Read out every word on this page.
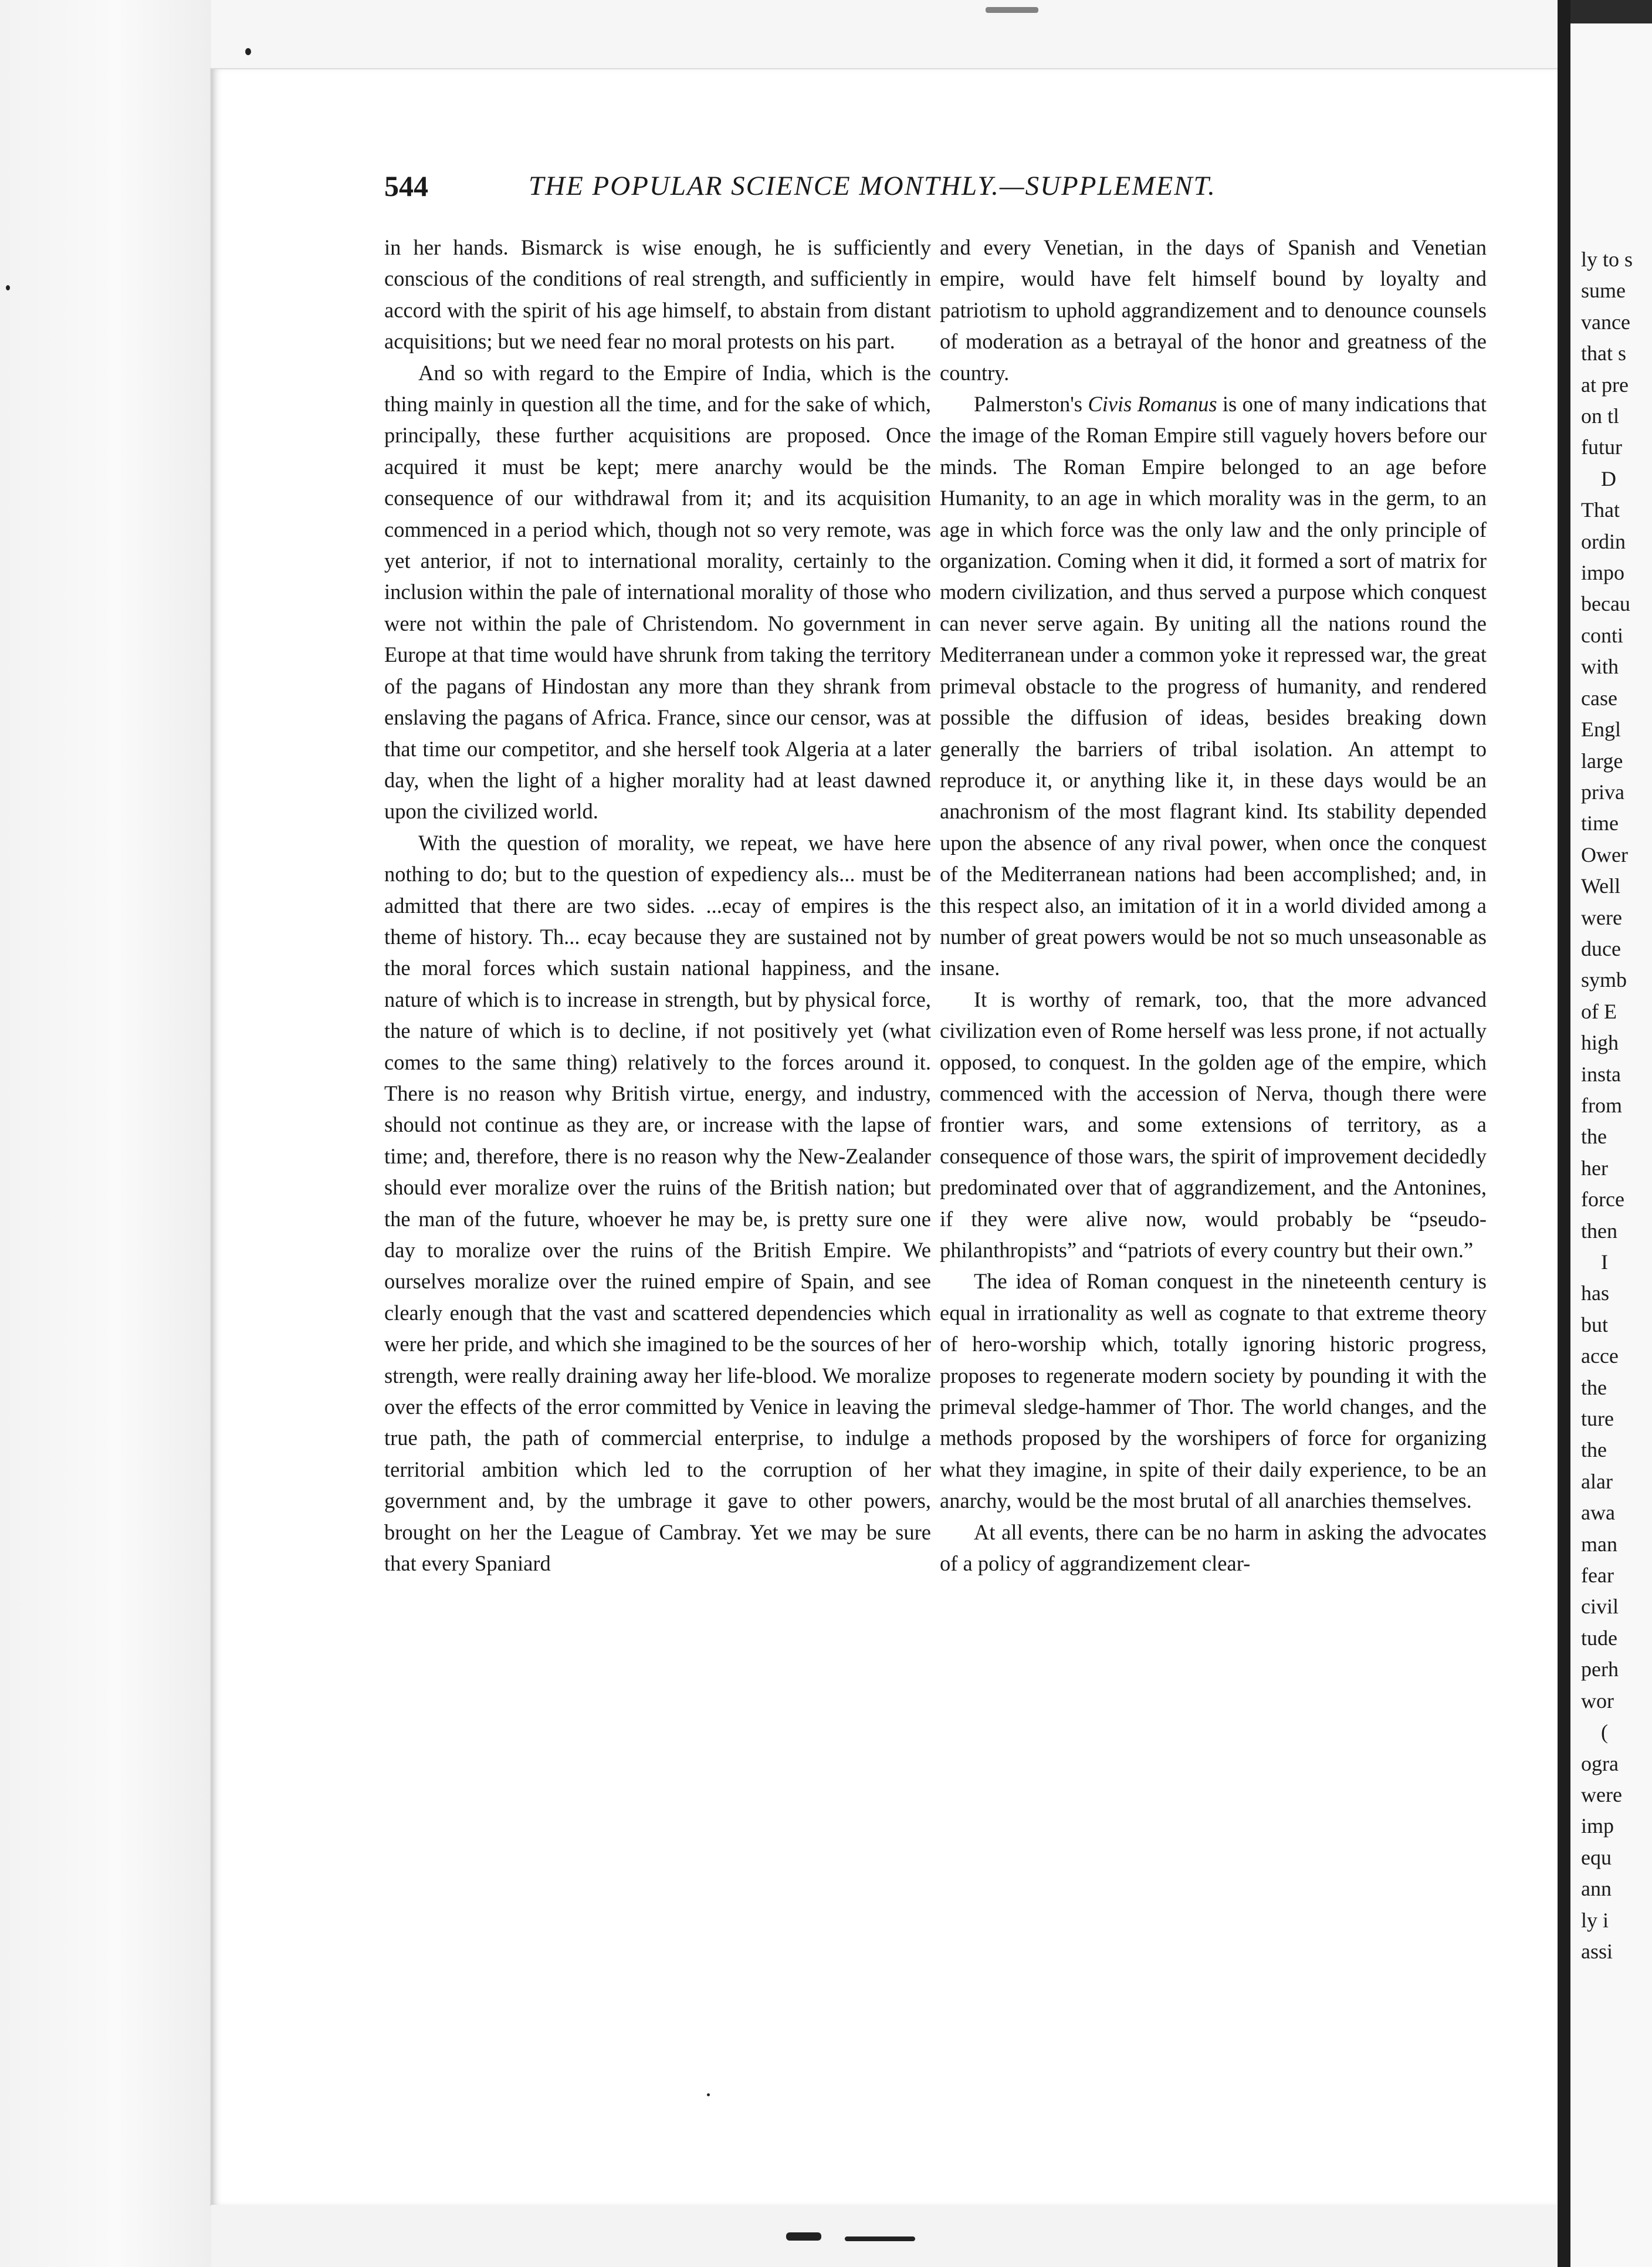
544	THE POPULAR SCIENCE MONTHLY.—SUPPLEMENT.

in her hands. Bismarck is wise enough, he is sufficiently conscious of the conditions of real strength, and sufficiently in accord with the spirit of his age himself, to abstain from distant acquisitions; but we need fear no moral protests on his part.

And so with regard to the Empire of India, which is the thing mainly in question all the time, and for the sake of which, principally, these further acquisitions are proposed. Once acquired it must be kept; mere anarchy would be the consequence of our withdrawal from it; and its acquisition commenced in a period which, though not so very remote, was yet anterior, if not to international morality, certainly to the inclusion within the pale of international morality of those who were not within the pale of Christendom. No government in Europe at that time would have shrunk from taking the territory of the pagans of Hindostan any more than they shrank from enslaving the pagans of Africa. France, since our censor, was at that time our competitor, and she herself took Algeria at a later day, when the light of a higher morality had at least dawned upon the civilized world.

With the question of morality, we repeat, we have here nothing to do; but to the question of expediency als... must be admitted that there are two sides. ...ecay of empires is the theme of history. Th... ecay because they are sustained not by the moral forces which sustain national happiness, and the nature of which is to increase in strength, but by physical force, the nature of which is to decline, if not positively yet (what comes to the same thing) relatively to the forces around it. There is no reason why British virtue, energy, and industry, should not continue as they are, or increase with the lapse of time; and, therefore, there is no reason why the New-Zealander should ever moralize over the ruins of the British nation; but the man of the future, whoever he may be, is pretty sure one day to moralize over the ruins of the British Empire. We ourselves moralize over the ruined empire of Spain, and see clearly enough that the vast and scattered dependencies which were her pride, and which she imagined to be the sources of her strength, were really draining away her life-blood. We moralize over the effects of the error committed by Venice in leaving the true path, the path of commercial enterprise, to indulge a territorial ambition which led to the corruption of her government and, by the umbrage it gave to other powers, brought on her the League of Cambray. Yet we may be sure that every Spaniard

and every Venetian, in the days of Spanish and Venetian empire, would have felt himself bound by loyalty and patriotism to uphold aggrandizement and to denounce counsels of moderation as a betrayal of the honor and greatness of the country.

Palmerston's Civis Romanus is one of many indications that the image of the Roman Empire still vaguely hovers before our minds. The Roman Empire belonged to an age before Humanity, to an age in which morality was in the germ, to an age in which force was the only law and the only principle of organization. Coming when it did, it formed a sort of matrix for modern civilization, and thus served a purpose which conquest can never serve again. By uniting all the nations round the Mediterranean under a common yoke it repressed war, the great primeval obstacle to the progress of humanity, and rendered possible the diffusion of ideas, besides breaking down generally the barriers of tribal isolation. An attempt to reproduce it, or anything like it, in these days would be an anachronism of the most flagrant kind. Its stability depended upon the absence of any rival power, when once the conquest of the Mediterranean nations had been accomplished; and, in this respect also, an imitation of it in a world divided among a number of great powers would be not so much unseasonable as insane.

It is worthy of remark, too, that the more advanced civilization even of Rome herself was less prone, if not actually opposed, to conquest. In the golden age of the empire, which commenced with the accession of Nerva, though there were frontier wars, and some extensions of territory, as a consequence of those wars, the spirit of improvement decidedly predominated over that of aggrandizement, and the Antonines, if they were alive now, would probably be “pseudo-philanthropists” and “patriots of every country but their own.”

The idea of Roman conquest in the nineteenth century is equal in irrationality as well as cognate to that extreme theory of hero-worship which, totally ignoring historic progress, proposes to regenerate modern society by pounding it with the primeval sledge-hammer of Thor. The world changes, and the methods proposed by the worshipers of force for organizing what they imagine, in spite of their daily experience, to be an anarchy, would be the most brutal of all anarchies themselves.

At all events, there can be no harm in asking the advocates of a policy of aggrandizement clear-

ly to s
sume
vance
that s
at pre
on tl
futur
D
That
ordin
impo
becau
conti
with
case
Engl
large
priva
time
Ower
Well
were
duce
symb
of E
high
insta
from
the
her
force
then
I
has
but
acce
the
ture
the
alar
awa
man
fear
civil
tude
perh
wor
(
ogra
were
imp
equ
ann
ly i
assi
